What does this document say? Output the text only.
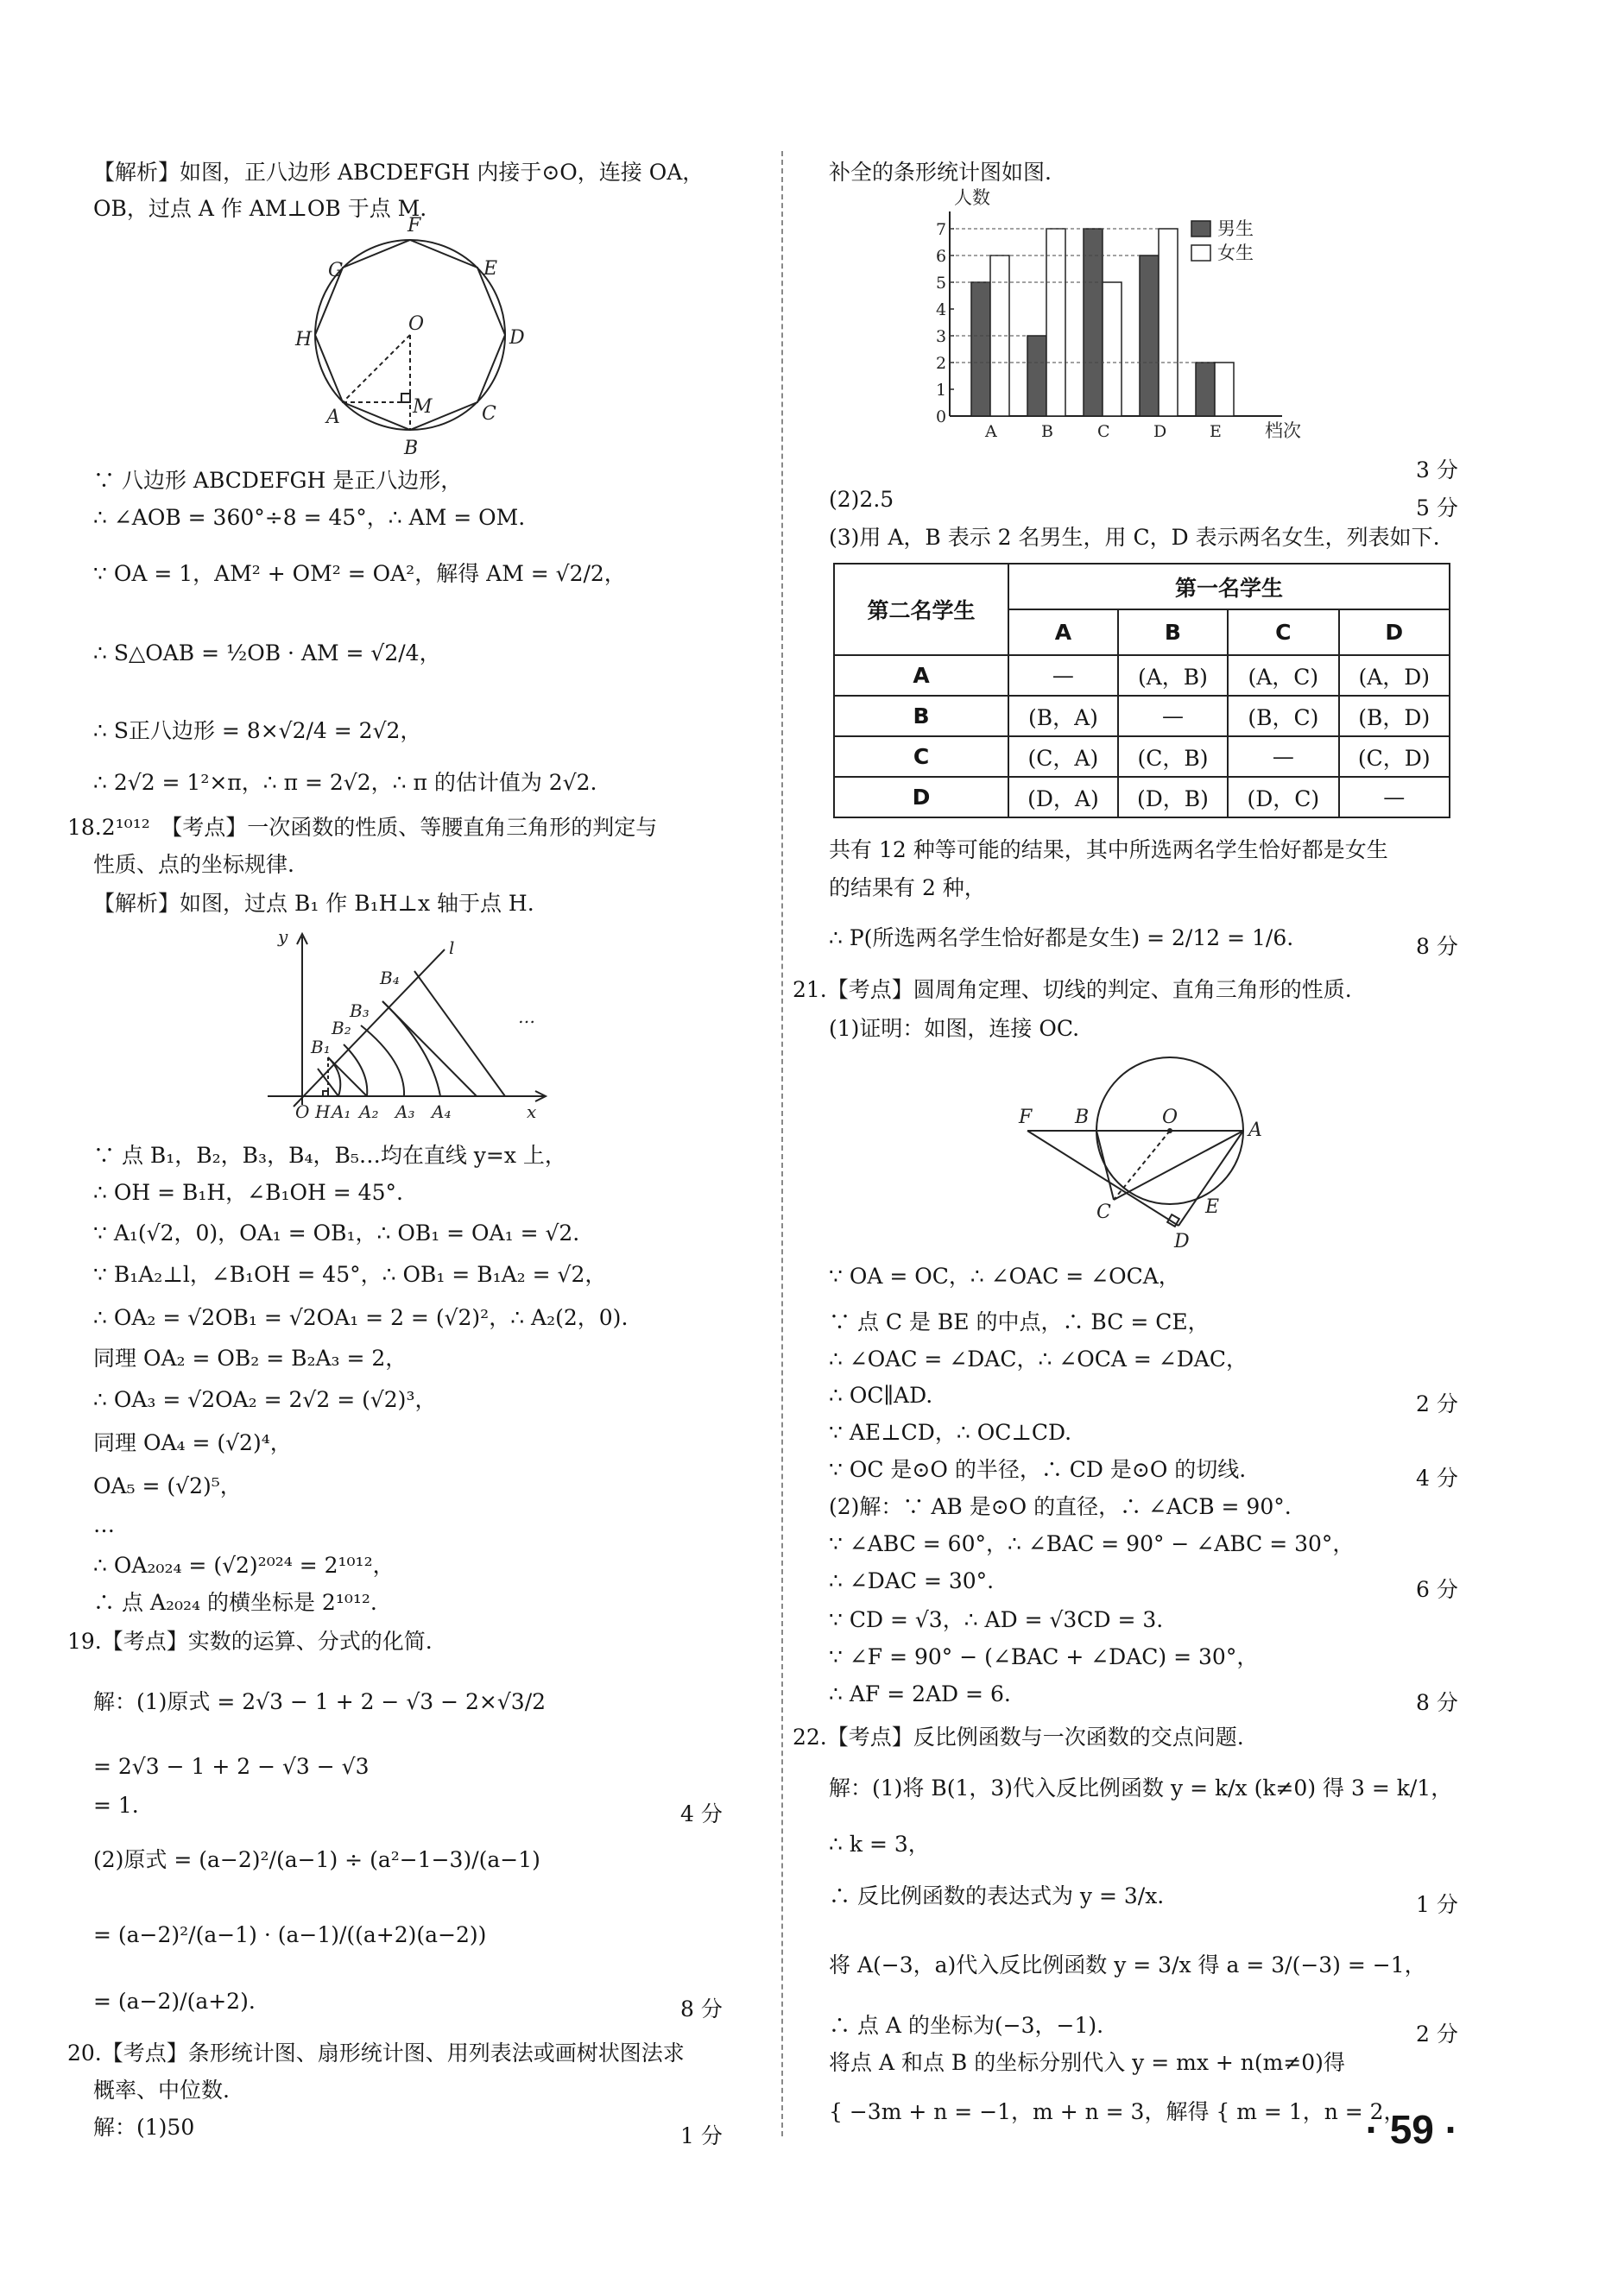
【解析】如图，正八边形 ABCDEFGH 内接于⊙O，连接 OA，
OB，过点 A 作 AM⊥OB 于点 M.
F
G	E
O
H	D
M
A	C
B
∵ 八边形 ABCDEFGH 是正八边形，
∴ ∠AOB = 360°÷8 = 45°，∴ AM = OM.
∵ OA = 1，AM² + OM² = OA²，解得 AM = √2/2，
∴ S△OAB = ½OB · AM = √2/4，
∴ S正八边形 = 8×√2/4 = 2√2，
∴ 2√2 = 1²×π，∴ π = 2√2，∴ π 的估计值为 2√2.
18.2¹⁰¹²　【考点】一次函数的性质、等腰直角三角形的判定与
性质、点的坐标规律.
【解析】如图，过点 B₁ 作 B₁H⊥x 轴于点 H.
y
l
B₄
B₃
B₂
B₁
…
O H A₁ A₂ A₃ A₄	x
∵ 点 B₁，B₂，B₃，B₄，B₅…均在直线 y=x 上，
∴ OH = B₁H，∠B₁OH = 45°.
∵ A₁(√2，0)，OA₁ = OB₁，∴ OB₁ = OA₁ = √2.
∵ B₁A₂⊥l，∠B₁OH = 45°，∴ OB₁ = B₁A₂ = √2，
∴ OA₂ = √2OB₁ = √2OA₁ = 2 = (√2)²，∴ A₂(2，0).
同理 OA₂ = OB₂ = B₂A₃ = 2，
∴ OA₃ = √2OA₂ = 2√2 = (√2)³，
同理 OA₄ = (√2)⁴，
OA₅ = (√2)⁵，
…
∴ OA₂₀₂₄ = (√2)²⁰²⁴ = 2¹⁰¹²，
∴ 点 A₂₀₂₄ 的横坐标是 2¹⁰¹².
19.【考点】实数的运算、分式的化简.
解：(1)原式 = 2√3 − 1 + 2 − √3 − 2×√3/2
= 2√3 − 1 + 2 − √3 − √3
= 1.	4 分
(2)原式 = (a−2)²/(a−1) ÷ (a²−1−3)/(a−1)
= (a−2)²/(a−1) · (a−1)/((a+2)(a−2))
= (a−2)/(a+2).	8 分
20.【考点】条形统计图、扇形统计图、用列表法或画树状图法求
概率、中位数.
解：(1)50	1 分
补全的条形统计图如图.
0
1
2
3
4
5
6
7
A	B	C	D	E
人数
档次
男生
女生
3 分
(2)2.5	5 分
(3)用 A，B 表示 2 名男生，用 C，D 表示两名女生，列表如下.
第二名学生	第一名学生			
	A	B	C	D
A	—	(A，B)	(A，C)	(A，D)
B	(B，A)	—	(B，C)	(B，D)
C	(C，A)	(C，B)	—	(C，D)
D	(D，A)	(D，B)	(D，C)	—
共有 12 种等可能的结果，其中所选两名学生恰好都是女生
的结果有 2 种，
∴ P(所选两名学生恰好都是女生) = 2/12 = 1/6.	8 分
21.【考点】圆周角定理、切线的判定、直角三角形的性质.
(1)证明：如图，连接 OC.
F B	O
A
C	E
D
∵ OA = OC，∴ ∠OAC = ∠OCA，
∵ 点 C 是 BE 的中点，∴ BC = CE，
∴ ∠OAC = ∠DAC，∴ ∠OCA = ∠DAC，
∴ OC∥AD.	2 分
∵ AE⊥CD，∴ OC⊥CD.
∵ OC 是⊙O 的半径，∴ CD 是⊙O 的切线.	4 分
(2)解：∵ AB 是⊙O 的直径，∴ ∠ACB = 90°.
∵ ∠ABC = 60°，∴ ∠BAC = 90° − ∠ABC = 30°，
∴ ∠DAC = 30°.	6 分
∵ CD = √3，∴ AD = √3CD = 3.
∵ ∠F = 90° − (∠BAC + ∠DAC) = 30°，
∴ AF = 2AD = 6.	8 分
22.【考点】反比例函数与一次函数的交点问题.
解：(1)将 B(1，3)代入反比例函数 y = k/x (k≠0) 得 3 = k/1，
∴ k = 3，
∴ 反比例函数的表达式为 y = 3/x.	1 分
将 A(−3，a)代入反比例函数 y = 3/x 得 a = 3/(−3) = −1，
∴ 点 A 的坐标为(−3，−1).	2 分
将点 A 和点 B 的坐标分别代入 y = mx + n(m≠0)得
{ −3m + n = −1，m + n = 3，解得 { m = 1，n = 2，
· 59 ·
